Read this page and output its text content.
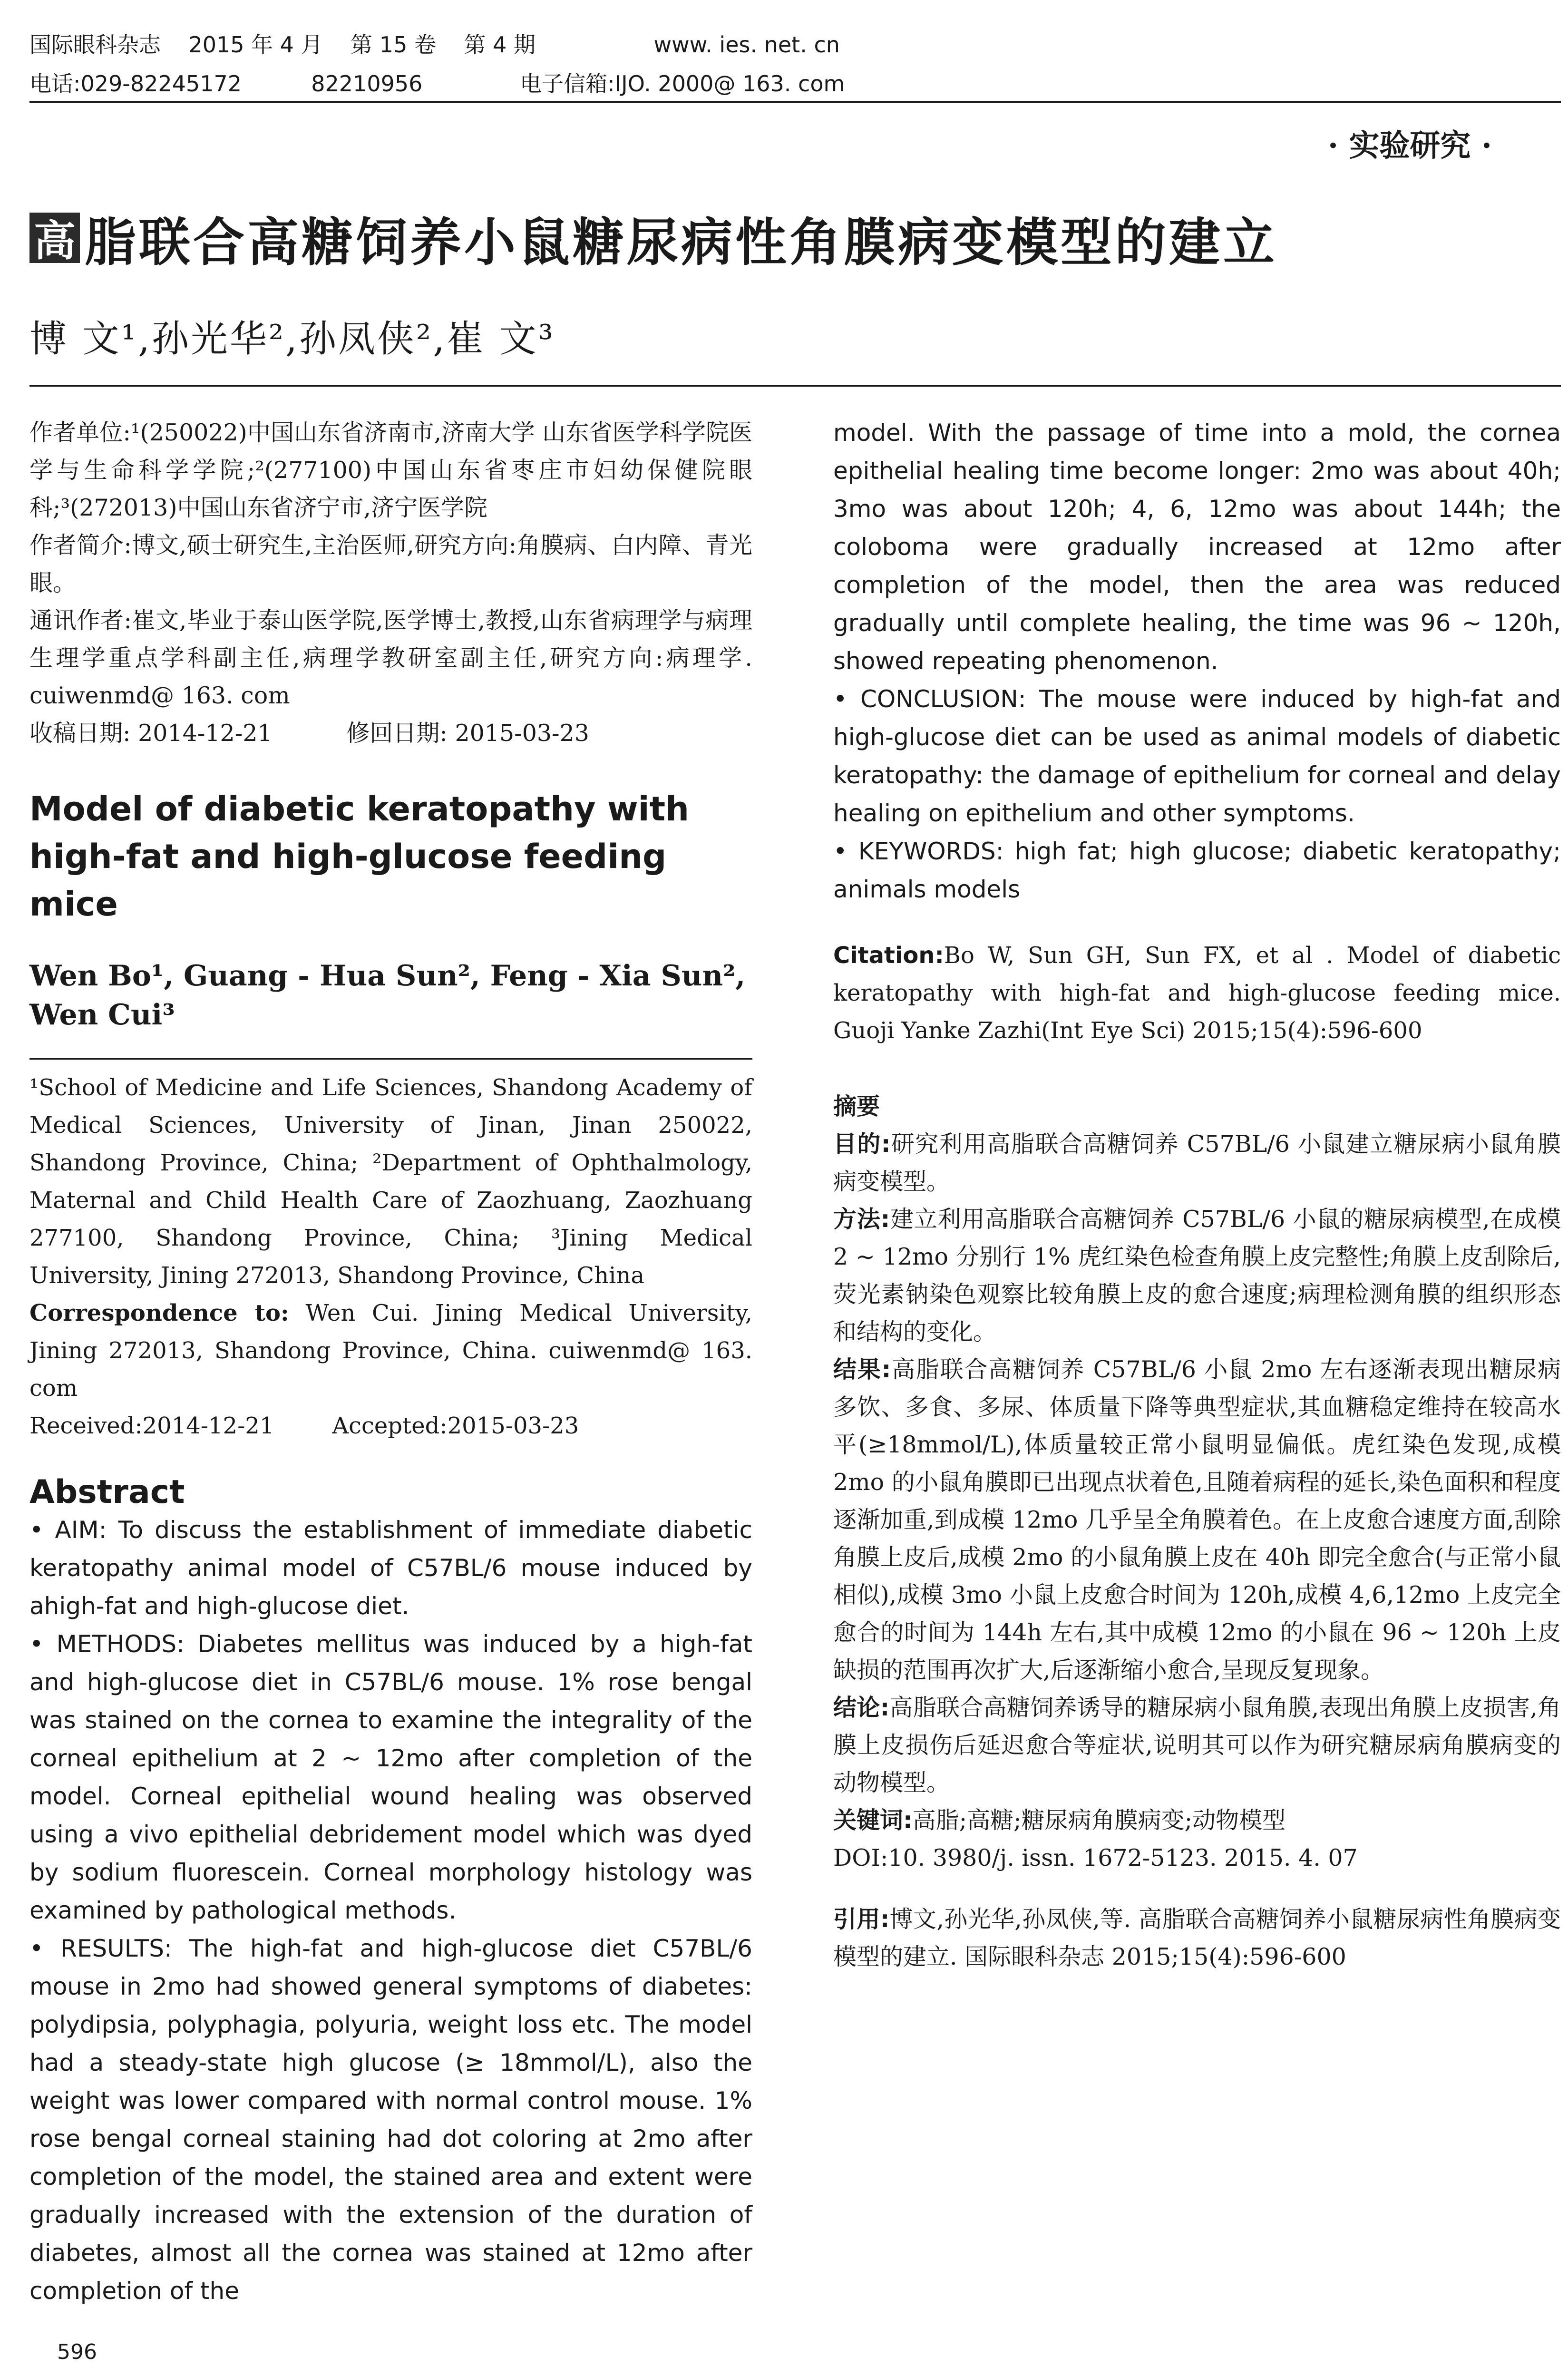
国际眼科杂志    2015 年 4 月    第 15 卷    第 4 期                 www. ies. net. cn
电话:029-82245172          82210956              电子信箱:IJO. 2000@ 163. com
· 实验研究 ·
高 脂联合高糖饲养小鼠糖尿病性角膜病变模型的建立
博 文¹,孙光华²,孙凤侠²,崔 文³

作者单位:¹(250022)中国山东省济南市,济南大学 山东省医学科学院医学与生命科学学院;²(277100)中国山东省枣庄市妇幼保健院眼科;³(272013)中国山东省济宁市,济宁医学院

作者简介:博文,硕士研究生,主治医师,研究方向:角膜病、白内障、青光眼。

通讯作者:崔文,毕业于泰山医学院,医学博士,教授,山东省病理学与病理生理学重点学科副主任,病理学教研室副主任,研究方向:病理学. cuiwenmd@ 163. com

收稿日期: 2014-12-21          修回日期: 2015-03-23

Model of diabetic keratopathy with high-fat and high-glucose feeding mice

Wen Bo¹, Guang - Hua Sun², Feng - Xia Sun², Wen Cui³

¹School of Medicine and Life Sciences, Shandong Academy of Medical Sciences, University of Jinan, Jinan 250022, Shandong Province, China; ²Department of Ophthalmology, Maternal and Child Health Care of Zaozhuang, Zaozhuang 277100, Shandong Province, China; ³Jining Medical University, Jining 272013, Shandong Province, China

Correspondence to: Wen Cui. Jining Medical University, Jining 272013, Shandong Province, China. cuiwenmd@ 163. com

Received:2014-12-21        Accepted:2015-03-23

Abstract

• AIM: To discuss the establishment of immediate diabetic keratopathy animal model of C57BL/6 mouse induced by ahigh-fat and high-glucose diet.

• METHODS: Diabetes mellitus was induced by a high-fat and high-glucose diet in C57BL/6 mouse. 1% rose bengal was stained on the cornea to examine the integrality of the corneal epithelium at 2 ~ 12mo after completion of the model. Corneal epithelial wound healing was observed using a vivo epithelial debridement model which was dyed by sodium fluorescein. Corneal morphology histology was examined by pathological methods.

• RESULTS: The high-fat and high-glucose diet C57BL/6 mouse in 2mo had showed general symptoms of diabetes: polydipsia, polyphagia, polyuria, weight loss etc. The model had a steady-state high glucose (≥ 18mmol/L), also the weight was lower compared with normal control mouse. 1% rose bengal corneal staining had dot coloring at 2mo after completion of the model, the stained area and extent were gradually increased with the extension of the duration of diabetes, almost all the cornea was stained at 12mo after completion of the

model. With the passage of time into a mold, the cornea epithelial healing time become longer: 2mo was about 40h; 3mo was about 120h; 4, 6, 12mo was about 144h; the coloboma were gradually increased at 12mo after completion of the model, then the area was reduced gradually until complete healing, the time was 96 ~ 120h, showed repeating phenomenon.

• CONCLUSION: The mouse were induced by high-fat and high-glucose diet can be used as animal models of diabetic keratopathy: the damage of epithelium for corneal and delay healing on epithelium and other symptoms.

• KEYWORDS: high fat; high glucose; diabetic keratopathy; animals models

Citation:Bo W, Sun GH, Sun FX, et al . Model of diabetic keratopathy with high-fat and high-glucose feeding mice. Guoji Yanke Zazhi(Int Eye Sci) 2015;15(4):596-600

摘要

目的:研究利用高脂联合高糖饲养 C57BL/6 小鼠建立糖尿病小鼠角膜病变模型。

方法:建立利用高脂联合高糖饲养 C57BL/6 小鼠的糖尿病模型,在成模 2 ~ 12mo 分别行 1% 虎红染色检查角膜上皮完整性;角膜上皮刮除后,荧光素钠染色观察比较角膜上皮的愈合速度;病理检测角膜的组织形态和结构的变化。

结果:高脂联合高糖饲养 C57BL/6 小鼠 2mo 左右逐渐表现出糖尿病多饮、多食、多尿、体质量下降等典型症状,其血糖稳定维持在较高水平(≥18mmol/L),体质量较正常小鼠明显偏低。虎红染色发现,成模 2mo 的小鼠角膜即已出现点状着色,且随着病程的延长,染色面积和程度逐渐加重,到成模 12mo 几乎呈全角膜着色。在上皮愈合速度方面,刮除角膜上皮后,成模 2mo 的小鼠角膜上皮在 40h 即完全愈合(与正常小鼠相似),成模 3mo 小鼠上皮愈合时间为 120h,成模 4,6,12mo 上皮完全愈合的时间为 144h 左右,其中成模 12mo 的小鼠在 96 ~ 120h 上皮缺损的范围再次扩大,后逐渐缩小愈合,呈现反复现象。

结论:高脂联合高糖饲养诱导的糖尿病小鼠角膜,表现出角膜上皮损害,角膜上皮损伤后延迟愈合等症状,说明其可以作为研究糖尿病角膜病变的动物模型。

关键词:高脂;高糖;糖尿病角膜病变;动物模型

DOI:10. 3980/j. issn. 1672-5123. 2015. 4. 07

引用:博文,孙光华,孙凤侠,等. 高脂联合高糖饲养小鼠糖尿病性角膜病变模型的建立. 国际眼科杂志 2015;15(4):596-600

596
